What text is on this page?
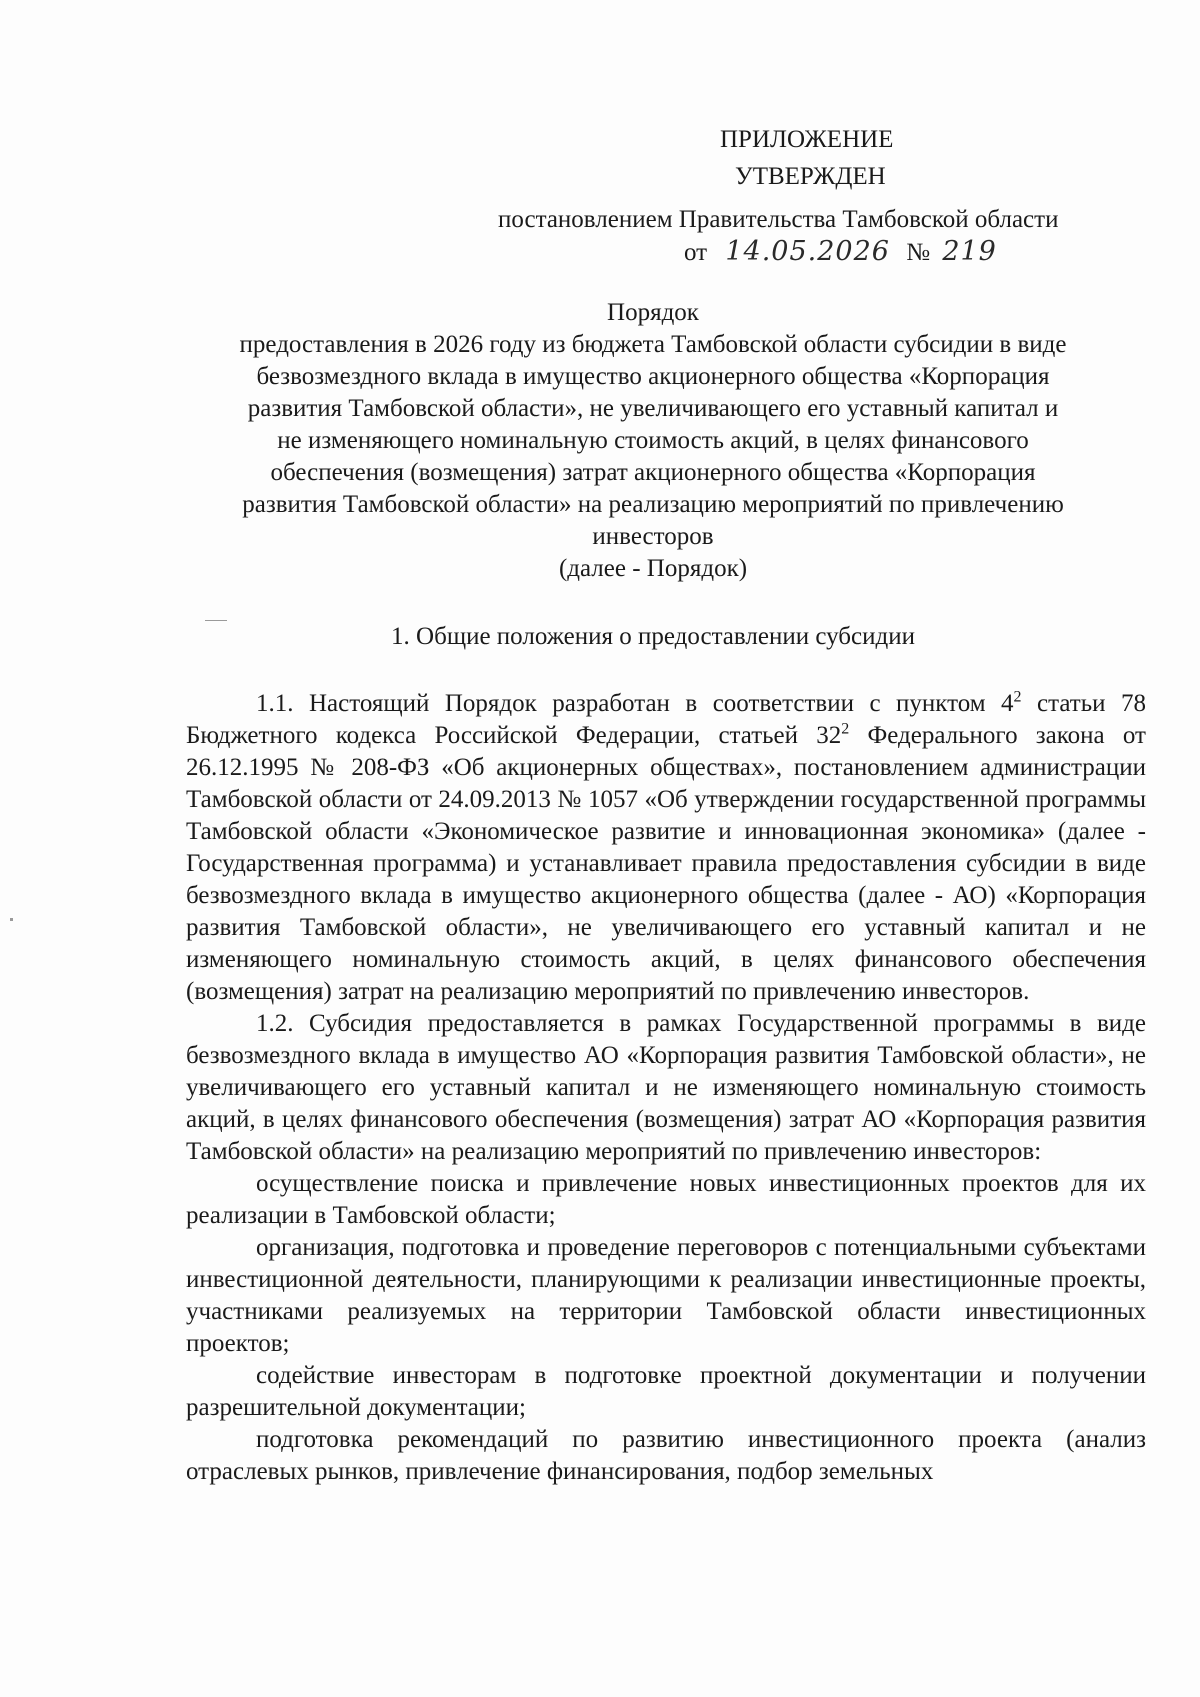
ПРИЛОЖЕНИЕ
УТВЕРЖДЕН
постановлением Правительства Тамбовской области
от 14.05.2026 № 219
Порядок
предоставления в 2026 году из бюджета Тамбовской области субсидии в виде
безвозмездного вклада в имущество акционерного общества «Корпорация
развития Тамбовской области», не увеличивающего его уставный капитал и
не изменяющего номинальную стоимость акций, в целях финансового
обеспечения (возмещения) затрат акционерного общества «Корпорация
развития Тамбовской области» на реализацию мероприятий по привлечению
инвесторов
(далее - Порядок)
1. Общие положения о предоставлении субсидии

1.1. Настоящий Порядок разработан в соответствии с пунктом $4^2$ статьи 78 Бюджетного кодекса Российской Федерации, статьей $32^2$ Федерального закона от 26.12.1995 № 208-ФЗ «Об акционерных обществах», постановлением администрации Тамбовской области от 24.09.2013 № 1057 «Об утверждении государственной программы Тамбовской области «Экономическое развитие и инновационная экономика» (далее - Государственная программа) и устанавливает правила предоставления субсидии в виде безвозмездного вклада в имущество акционерного общества (далее - АО) «Корпорация развития Тамбовской области», не увеличивающего его уставный капитал и не изменяющего номинальную стоимость акций, в целях финансового обеспечения (возмещения) затрат на реализацию мероприятий по привлечению инвесторов.

1.2. Субсидия предоставляется в рамках Государственной программы в виде безвозмездного вклада в имущество АО «Корпорация развития Тамбовской области», не увеличивающего его уставный капитал и не изменяющего номинальную стоимость акций, в целях финансового обеспечения (возмещения) затрат АО «Корпорация развития Тамбовской области» на реализацию мероприятий по привлечению инвесторов:

осуществление поиска и привлечение новых инвестиционных проектов для их реализации в Тамбовской области;

организация, подготовка и проведение переговоров с потенциальными субъектами инвестиционной деятельности, планирующими к реализации инвестиционные проекты, участниками реализуемых на территории Тамбовской области инвестиционных проектов;

содействие инвесторам в подготовке проектной документации и получении разрешительной документации;

подготовка рекомендаций по развитию инвестиционного проекта (анализ отраслевых рынков, привлечение финансирования, подбор земельных
